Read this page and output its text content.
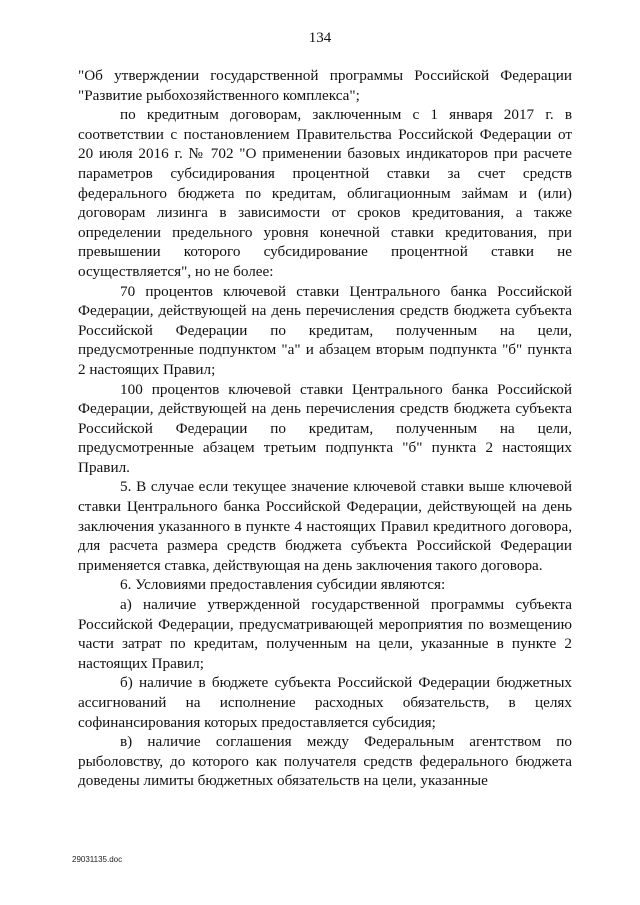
134

"Об утверждении государственной программы Российской Федерации "Развитие рыбохозяйственного комплекса";

по кредитным договорам, заключенным с 1 января 2017 г. в соответствии с постановлением Правительства Российской Федерации от 20 июля 2016 г. № 702 "О применении базовых индикаторов при расчете параметров субсидирования процентной ставки за счет средств федерального бюджета по кредитам, облигационным займам и (или) договорам лизинга в зависимости от сроков кредитования, а также определении предельного уровня конечной ставки кредитования, при превышении которого субсидирование процентной ставки не осуществляется", но не более:

70 процентов ключевой ставки Центрального банка Российской Федерации, действующей на день перечисления средств бюджета субъекта Российской Федерации по кредитам, полученным на цели, предусмотренные подпунктом "а" и абзацем вторым подпункта "б" пункта 2 настоящих Правил;

100 процентов ключевой ставки Центрального банка Российской Федерации, действующей на день перечисления средств бюджета субъекта Российской Федерации по кредитам, полученным на цели, предусмотренные абзацем третьим подпункта "б" пункта 2 настоящих Правил.

5. В случае если текущее значение ключевой ставки выше ключевой ставки Центрального банка Российской Федерации, действующей на день заключения указанного в пункте 4 настоящих Правил кредитного договора, для расчета размера средств бюджета субъекта Российской Федерации применяется ставка, действующая на день заключения такого договора.

6. Условиями предоставления субсидии являются:

а) наличие утвержденной государственной программы субъекта Российской Федерации, предусматривающей мероприятия по возмещению части затрат по кредитам, полученным на цели, указанные в пункте 2 настоящих Правил;

б) наличие в бюджете субъекта Российской Федерации бюджетных ассигнований на исполнение расходных обязательств, в целях софинансирования которых предоставляется субсидия;

в) наличие соглашения между Федеральным агентством по рыболовству, до которого как получателя средств федерального бюджета доведены лимиты бюджетных обязательств на цели, указанные

29031135.doc
